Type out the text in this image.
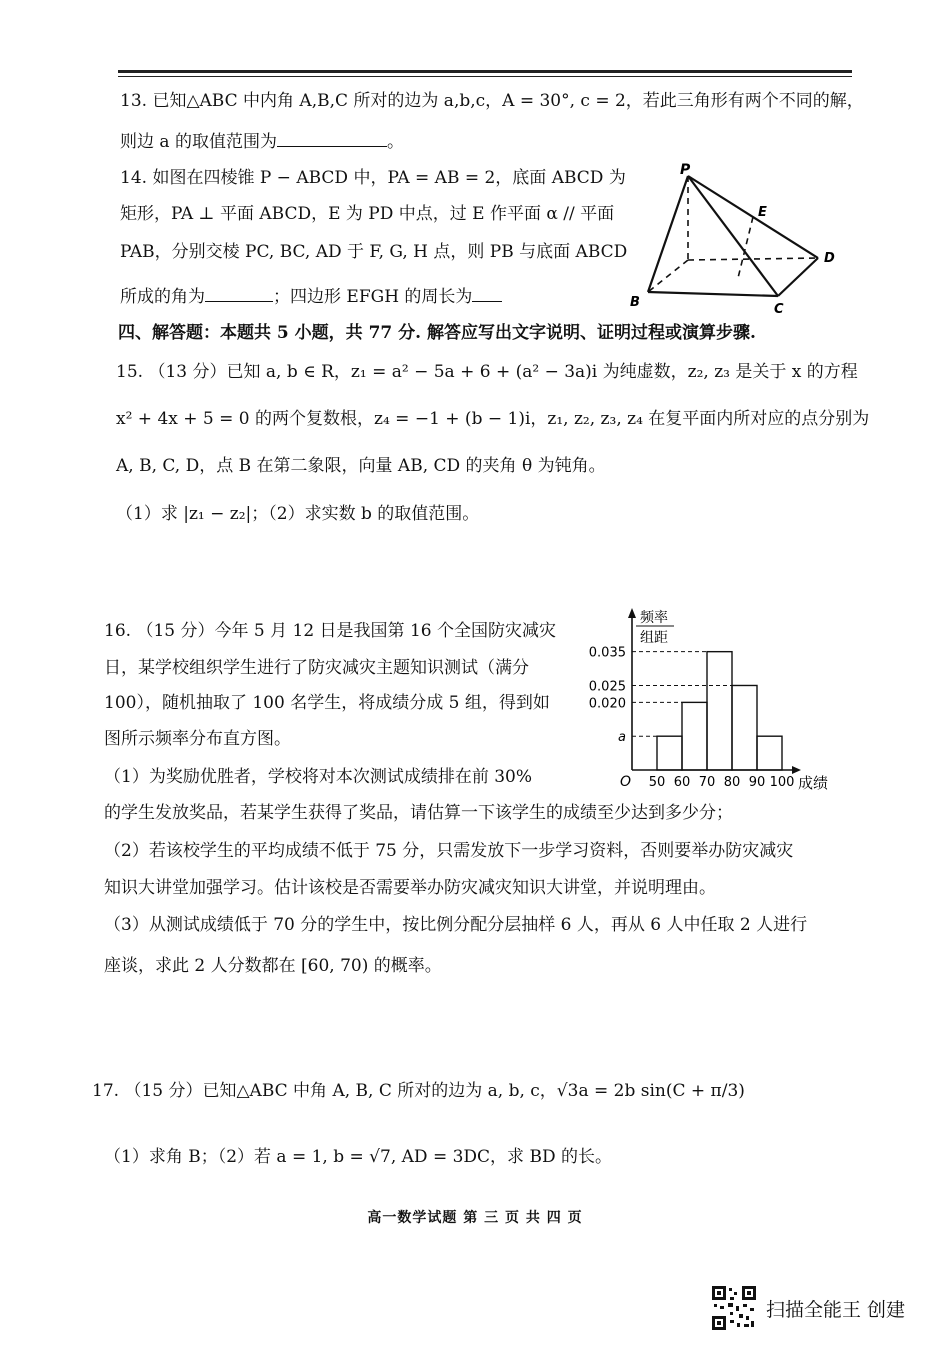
13. 已知△ABC 中内角 A,B,C 所对的边为 a,b,c，A = 30°, c = 2，若此三角形有两个不同的解，
则边 a 的取值范围为	。
14. 如图在四棱锥 P − ABCD 中，PA = AB = 2，底面 ABCD 为
矩形，PA ⊥ 平面 ABCD，E 为 PD 中点，过 E 作平面 α // 平面
PAB，分别交棱 PC, BC, AD 于 F, G, H 点，则 PB 与底面 ABCD
所成的角为	；四边形 EFGH 的周长为
P
E
D
B	C
四、解答题：本题共 5 小题，共 77 分. 解答应写出文字说明、证明过程或演算步骤.
15. （13 分）已知 a, b ∈ R，z₁ = a² − 5a + 6 + (a² − 3a)i 为纯虚数，z₂, z₃ 是关于 x 的方程
x² + 4x + 5 = 0 的两个复数根，z₄ = −1 + (b − 1)i，z₁, z₂, z₃, z₄ 在复平面内所对应的点分别为
A, B, C, D，点 B 在第二象限，向量 AB, CD 的夹角 θ 为钝角。
（1）求 |z₁ − z₂|；（2）求实数 b 的取值范围。
16. （15 分）今年 5 月 12 日是我国第 16 个全国防灾减灾
日，某学校组织学生进行了防灾减灾主题知识测试（满分
100），随机抽取了 100 名学生，将成绩分成 5 组，得到如
图所示频率分布直方图。
（1）为奖励优胜者，学校将对本次测试成绩排在前 30%
的学生发放奖品，若某学生获得了奖品，请估算一下该学生的成绩至少达到多少分；
（2）若该校学生的平均成绩不低于 75 分，只需发放下一步学习资料，否则要举办防灾减灾
知识大讲堂加强学习。估计该校是否需要举办防灾减灾知识大讲堂，并说明理由。
（3）从测试成绩低于 70 分的学生中，按比例分配分层抽样 6 人，再从 6 人中任取 2 人进行
座谈，求此 2 人分数都在 [60, 70) 的概率。
频率
组距
O	成绩
a
0.020
0.025
0.035
50 60 70 80 90 100
17. （15 分）已知△ABC 中角 A, B, C 所对的边为 a, b, c，√3a = 2b sin(C + π/3)
（1）求角 B；（2）若 a = 1, b = √7, AD = 3DC，求 BD 的长。
高一数学试题 第 三 页 共 四 页
扫描全能王 创建
